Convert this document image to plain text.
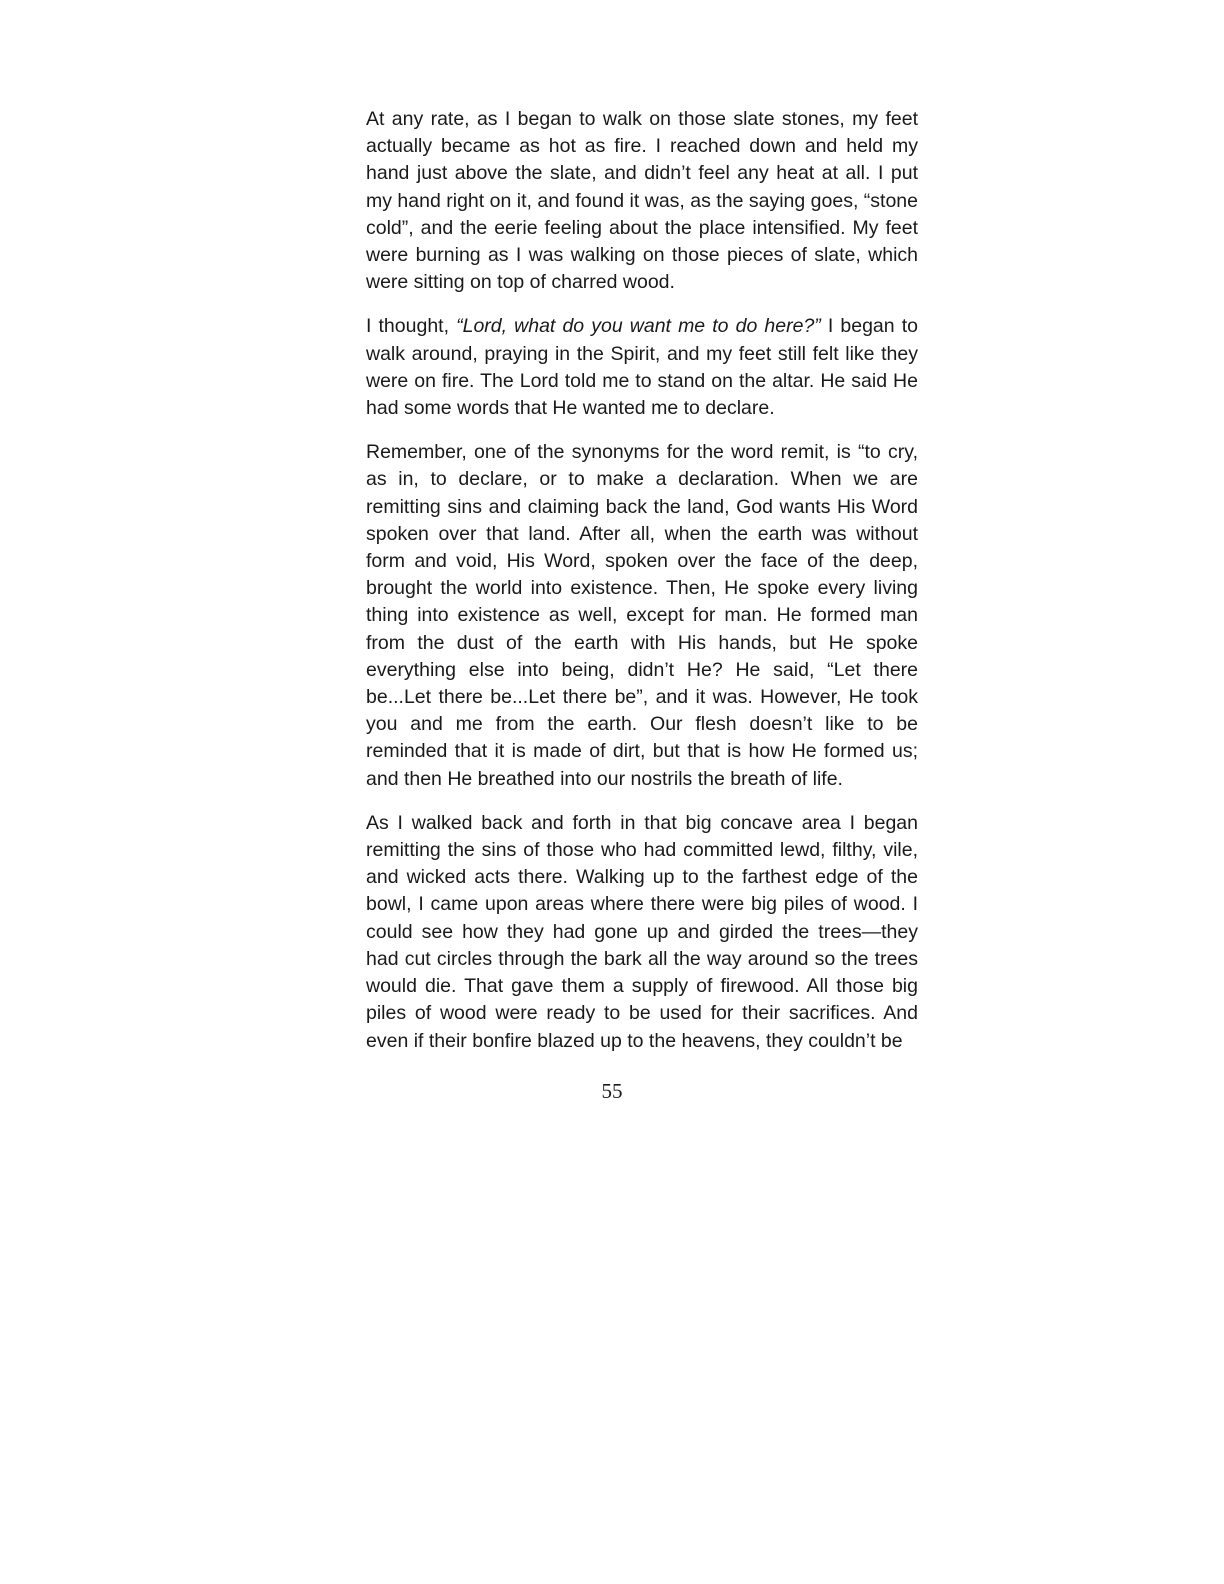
At any rate, as I began to walk on those slate stones, my feet actually became as hot as fire. I reached down and held my hand just above the slate, and didn’t feel any heat at all. I put my hand right on it, and found it was, as the saying goes, “stone cold”, and the eerie feeling about the place intensified. My feet were burning as I was walking on those pieces of slate, which were sitting on top of charred wood.

I thought, “Lord, what do you want me to do here?” I began to walk around, praying in the Spirit, and my feet still felt like they were on fire. The Lord told me to stand on the altar. He said He had some words that He wanted me to declare.

Remember, one of the synonyms for the word remit, is “to cry, as in, to declare, or to make a declaration. When we are remitting sins and claiming back the land, God wants His Word spoken over that land. After all, when the earth was without form and void, His Word, spoken over the face of the deep, brought the world into existence. Then, He spoke every living thing into existence as well, except for man. He formed man from the dust of the earth with His hands, but He spoke everything else into being, didn’t He? He said, “Let there be...Let there be...Let there be”, and it was. However, He took you and me from the earth. Our flesh doesn’t like to be reminded that it is made of dirt, but that is how He formed us; and then He breathed into our nostrils the breath of life.

As I walked back and forth in that big concave area I began remitting the sins of those who had committed lewd, filthy, vile, and wicked acts there. Walking up to the farthest edge of the bowl, I came upon areas where there were big piles of wood. I could see how they had gone up and girded the trees—they had cut circles through the bark all the way around so the trees would die. That gave them a supply of firewood. All those big piles of wood were ready to be used for their sacrifices. And even if their bonfire blazed up to the heavens, they couldn’t be

55
